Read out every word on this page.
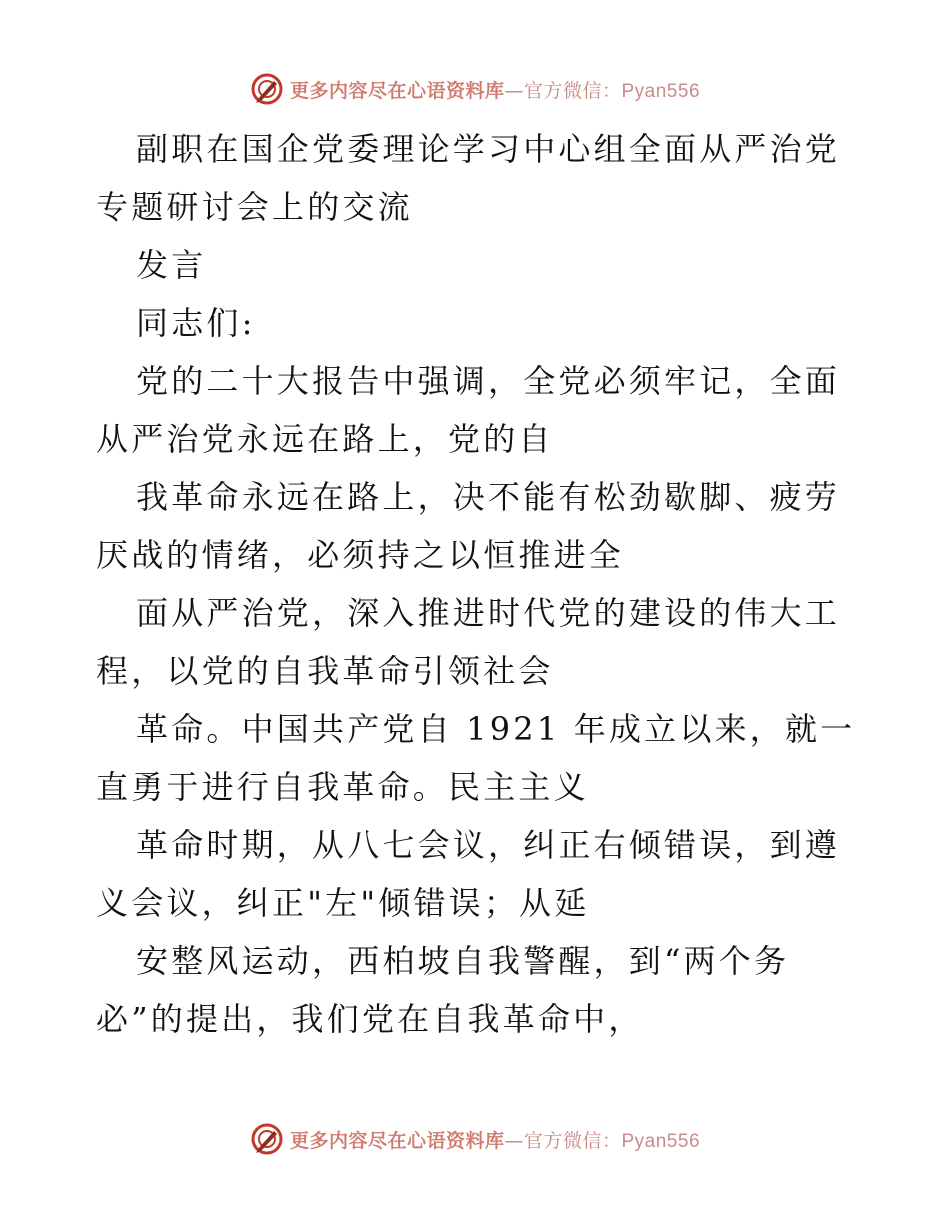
更多内容尽在心语资料库—官方微信：Pyan556

副职在国企党委理论学习中心组全面从严治党专题研讨会上的交流

发言

同志们:

党的二十大报告中强调，全党必须牢记，全面从严治党永远在路上，党的自

我革命永远在路上，决不能有松劲歇脚、疲劳厌战的情绪，必须持之以恒推进全

面从严治党，深入推进时代党的建设的伟大工程，以党的自我革命引领社会

革命。中国共产党自 1921 年成立以来，就一直勇于进行自我革命。民主主义

革命时期，从八七会议，纠正右倾错误，到遵义会议，纠正"左"倾错误；从延

安整风运动，西柏坡自我警醒，到“两个务必”的提出，我们党在自我革命中，

更多内容尽在心语资料库—官方微信：Pyan556
